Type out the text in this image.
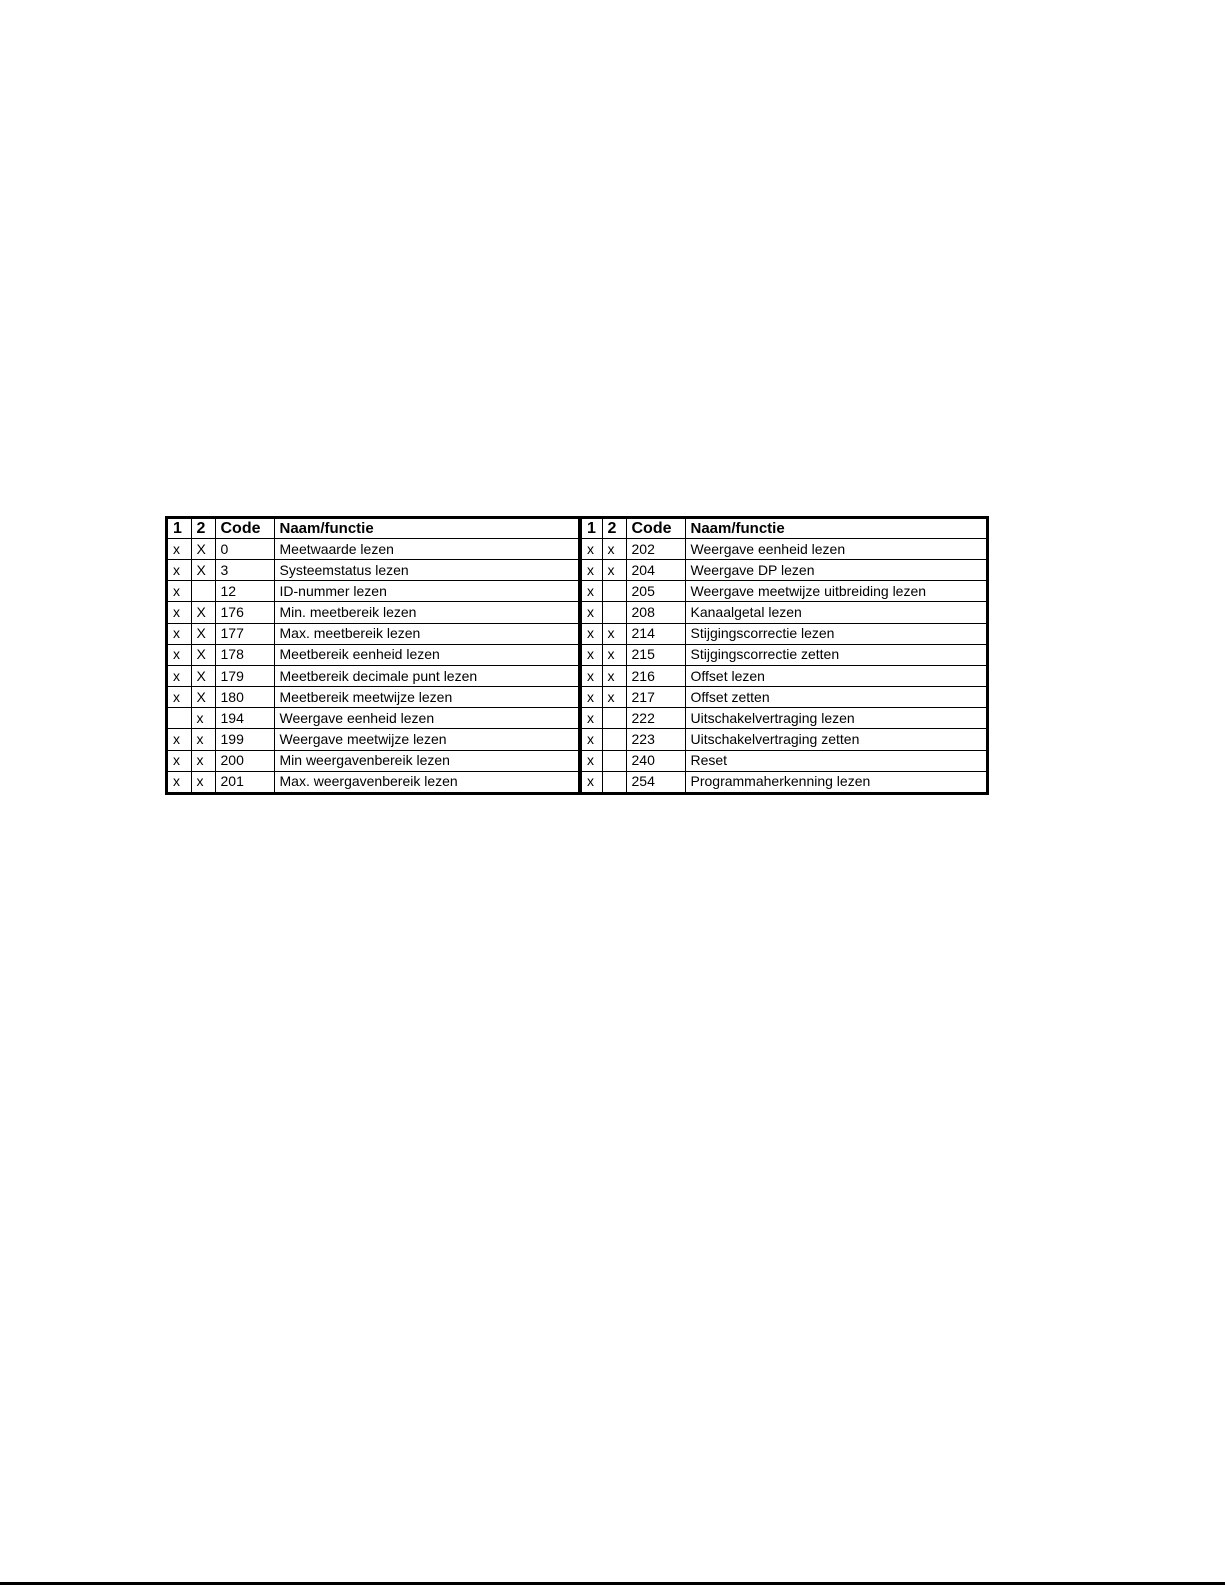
1	2	Code	Naam/functie
x	X	0	Meetwaarde lezen
x	X	3	Systeemstatus lezen
x		12	ID-nummer lezen
x	X	176	Min. meetbereik lezen
x	X	177	Max. meetbereik lezen
x	X	178	Meetbereik eenheid lezen
x	X	179	Meetbereik decimale punt lezen
x	X	180	Meetbereik meetwijze lezen
	x	194	Weergave eenheid lezen
x	x	199	Weergave meetwijze lezen
x	x	200	Min weergavenbereik lezen
x	x	201	Max. weergavenbereik lezen
1	2	Code	Naam/functie
x	x	202	Weergave eenheid lezen
x	x	204	Weergave DP lezen
x		205	Weergave meetwijze uitbreiding lezen
x		208	Kanaalgetal lezen
x	x	214	Stijgingscorrectie lezen
x	x	215	Stijgingscorrectie zetten
x	x	216	Offset lezen
x	x	217	Offset zetten
x		222	Uitschakelvertraging lezen
x		223	Uitschakelvertraging zetten
x		240	Reset
x		254	Programmaherkenning lezen
